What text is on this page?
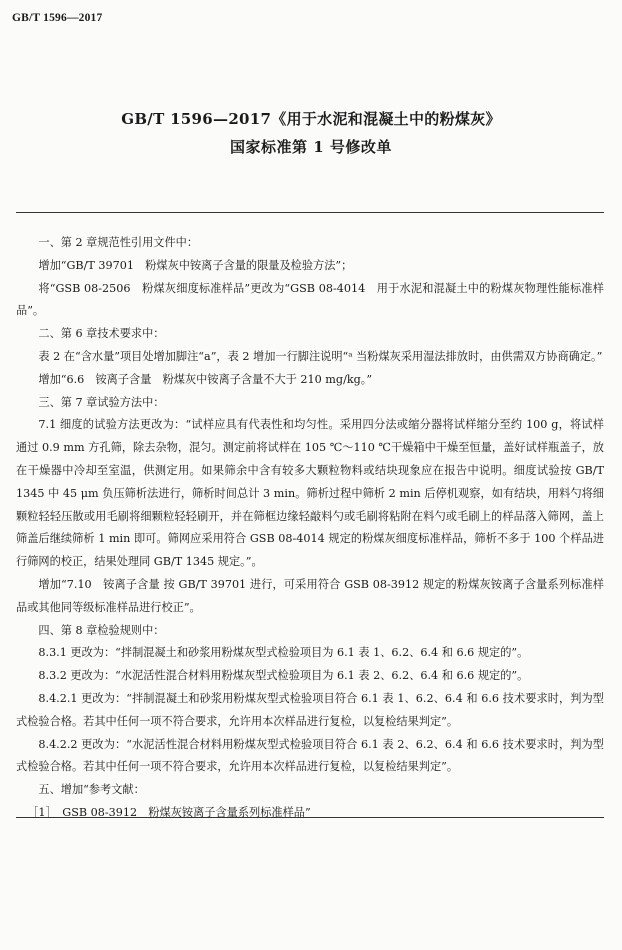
GB/T 1596—2017
GB/T 1596—2017《用于水泥和混凝土中的粉煤灰》
国家标准第 1 号修改单

一、第 2 章规范性引用文件中：

增加“GB/T 39701　粉煤灰中铵离子含量的限量及检验方法”；

将“GSB 08-2506　粉煤灰细度标准样品”更改为“GSB 08-4014　用于水泥和混凝土中的粉煤灰物理性能标准样品”。

二、第 6 章技术要求中：

表 2 在“含水量”项目处增加脚注“a”，表 2 增加一行脚注说明“ᵃ 当粉煤灰采用湿法排放时，由供需双方协商确定。”

增加“6.6　铵离子含量　粉煤灰中铵离子含量不大于 210 mg/kg。”

三、第 7 章试验方法中：

7.1 细度的试验方法更改为：“试样应具有代表性和均匀性。采用四分法或缩分器将试样缩分至约 100 g，将试样通过 0.9 mm 方孔筛，除去杂物，混匀。测定前将试样在 105 ℃～110 ℃干燥箱中干燥至恒量，盖好试样瓶盖子，放在干燥器中冷却至室温，供测定用。如果筛余中含有较多大颗粒物料或结块现象应在报告中说明。细度试验按 GB/T 1345 中 45 μm 负压筛析法进行，筛析时间总计 3 min。筛析过程中筛析 2 min 后停机观察，如有结块，用料勺将细颗粒轻轻压散或用毛刷将细颗粒轻轻刷开，并在筛框边缘轻敲料勺或毛刷将粘附在料勺或毛刷上的样品落入筛网，盖上筛盖后继续筛析 1 min 即可。筛网应采用符合 GSB 08-4014 规定的粉煤灰细度标准样品，筛析不多于 100 个样品进行筛网的校正，结果处理同 GB/T 1345 规定。”。

增加“7.10　铵离子含量 按 GB/T 39701 进行，可采用符合 GSB 08-3912 规定的粉煤灰铵离子含量系列标准样品或其他同等级标准样品进行校正”。

四、第 8 章检验规则中：

8.3.1 更改为：“拌制混凝土和砂浆用粉煤灰型式检验项目为 6.1 表 1、6.2、6.4 和 6.6 规定的”。

8.3.2 更改为：“水泥活性混合材料用粉煤灰型式检验项目为 6.1 表 2、6.2、6.4 和 6.6 规定的”。

8.4.2.1 更改为：“拌制混凝土和砂浆用粉煤灰型式检验项目符合 6.1 表 1、6.2、6.4 和 6.6 技术要求时，判为型式检验合格。若其中任何一项不符合要求，允许用本次样品进行复检，以复检结果判定”。

8.4.2.2 更改为：“水泥活性混合材料用粉煤灰型式检验项目符合 6.1 表 2、6.2、6.4 和 6.6 技术要求时，判为型式检验合格。若其中任何一项不符合要求，允许用本次样品进行复检，以复检结果判定”。

五、增加“参考文献：

［1］　GSB 08-3912　粉煤灰铵离子含量系列标准样品”
